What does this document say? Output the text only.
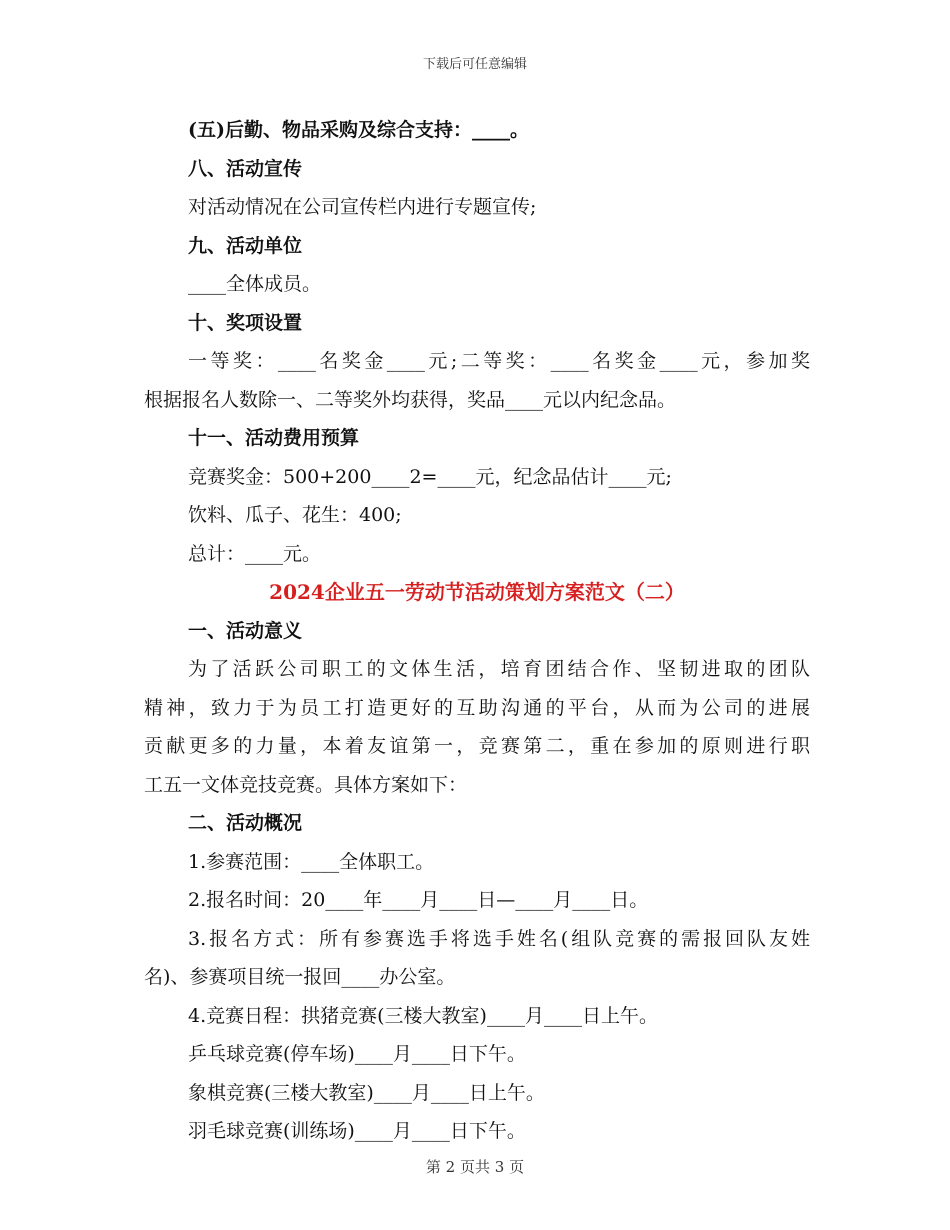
下载后可任意编辑
(五)后勤、物品采购及综合支持：____。
八、活动宣传
对活动情况在公司宣传栏内进行专题宣传;
九、活动单位
____全体成员。
十、奖项设置
一等奖：____名奖金____元;二等奖：____名奖金____元，参加奖
根据报名人数除一、二等奖外均获得，奖品____元以内纪念品。
十一、活动费用预算
竞赛奖金：500+200____2=____元，纪念品估计____元;
饮料、瓜子、花生：400;
总计：____元。
2024企业五一劳动节活动策划方案范文（二）
一、活动意义
为了活跃公司职工的文体生活，培育团结合作、坚韧进取的团队
精神，致力于为员工打造更好的互助沟通的平台，从而为公司的进展
贡献更多的力量，本着友谊第一，竞赛第二，重在参加的原则进行职
工五一文体竞技竞赛。具体方案如下：
二、活动概况
1.参赛范围：____全体职工。
2.报名时间：20____年____月____日—____月____日。
3.报名方式：所有参赛选手将选手姓名(组队竞赛的需报回队友姓
名)、参赛项目统一报回____办公室。
4.竞赛日程：拱猪竞赛(三楼大教室)____月____日上午。
乒乓球竞赛(停车场)____月____日下午。
象棋竞赛(三楼大教室)____月____日上午。
羽毛球竞赛(训练场)____月____日下午。
第 2 页共 3 页
